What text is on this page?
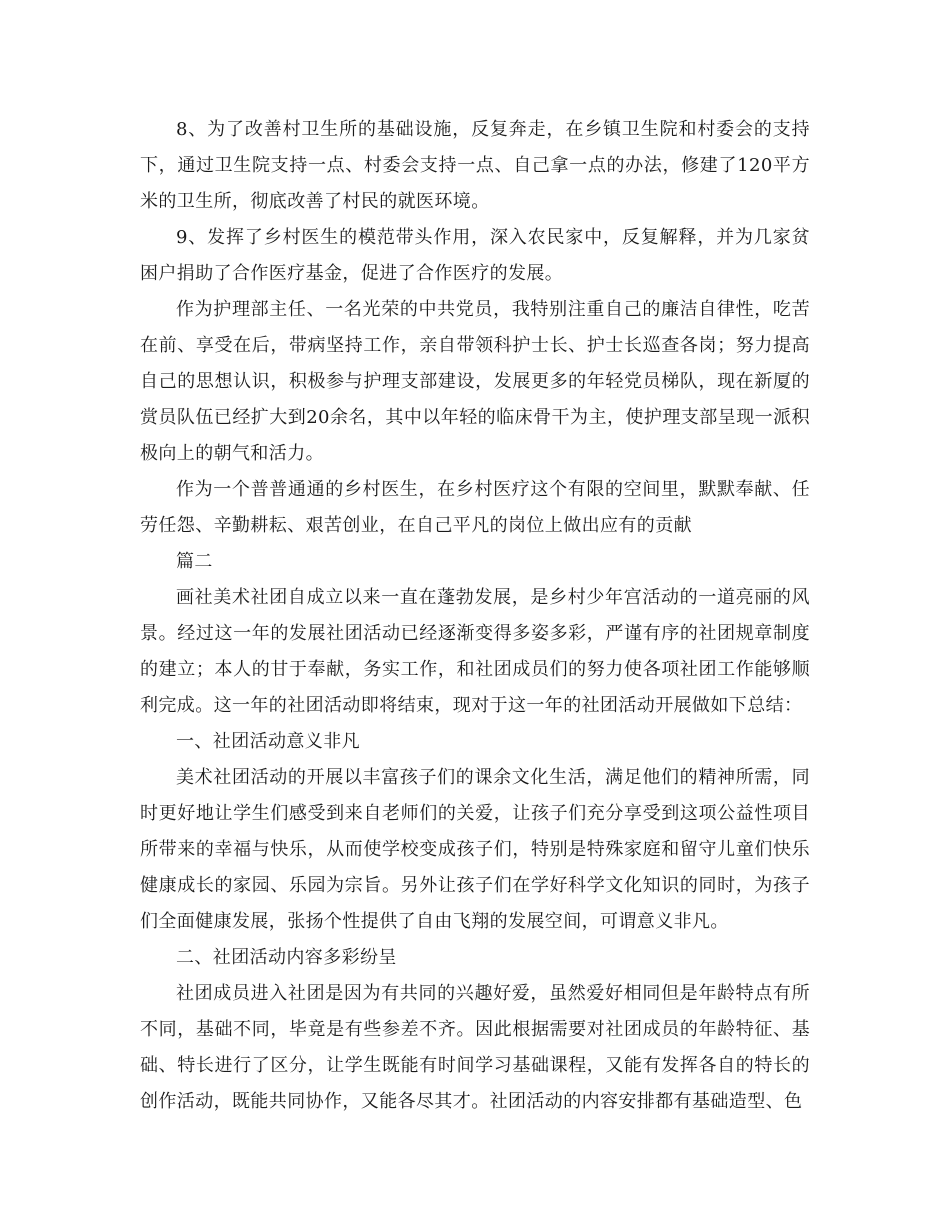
8、为了改善村卫生所的基础设施，反复奔走，在乡镇卫生院和村委会的支持下，通过卫生院支持一点、村委会支持一点、自己拿一点的办法，修建了120平方米的卫生所，彻底改善了村民的就医环境。

9、发挥了乡村医生的模范带头作用，深入农民家中，反复解释，并为几家贫困户捐助了合作医疗基金，促进了合作医疗的发展。

作为护理部主任、一名光荣的中共党员，我特别注重自己的廉洁自律性，吃苦在前、享受在后，带病坚持工作，亲自带领科护士长、护士长巡查各岗；努力提高自己的思想认识，积极参与护理支部建设，发展更多的年轻党员梯队，现在新厦的赏员队伍已经扩大到20余名，其中以年轻的临床骨干为主，使护理支部呈现一派积极向上的朝气和活力。

作为一个普普通通的乡村医生，在乡村医疗这个有限的空间里，默默奉献、任劳任怨、辛勤耕耘、艰苦创业，在自己平凡的岗位上做出应有的贡献

篇二

画社美术社团自成立以来一直在蓬勃发展，是乡村少年宫活动的一道亮丽的风景。经过这一年的发展社团活动已经逐渐变得多姿多彩，严谨有序的社团规章制度的建立；本人的甘于奉献，务实工作，和社团成员们的努力使各项社团工作能够顺利完成。这一年的社团活动即将结束，现对于这一年的社团活动开展做如下总结：

一、社团活动意义非凡

美术社团活动的开展以丰富孩子们的课余文化生活，满足他们的精神所需，同时更好地让学生们感受到来自老师们的关爱，让孩子们充分享受到这项公益性项目所带来的幸福与快乐，从而使学校变成孩子们，特别是特殊家庭和留守儿童们快乐健康成长的家园、乐园为宗旨。另外让孩子们在学好科学文化知识的同时，为孩子们全面健康发展，张扬个性提供了自由飞翔的发展空间，可谓意义非凡。

二、社团活动内容多彩纷呈

社团成员进入社团是因为有共同的兴趣好爱，虽然爱好相同但是年龄特点有所不同，基础不同，毕竟是有些参差不齐。因此根据需要对社团成员的年龄特征、基础、特长进行了区分，让学生既能有时间学习基础课程，又能有发挥各自的特长的创作活动，既能共同协作，又能各尽其才。社团活动的内容安排都有基础造型、色
